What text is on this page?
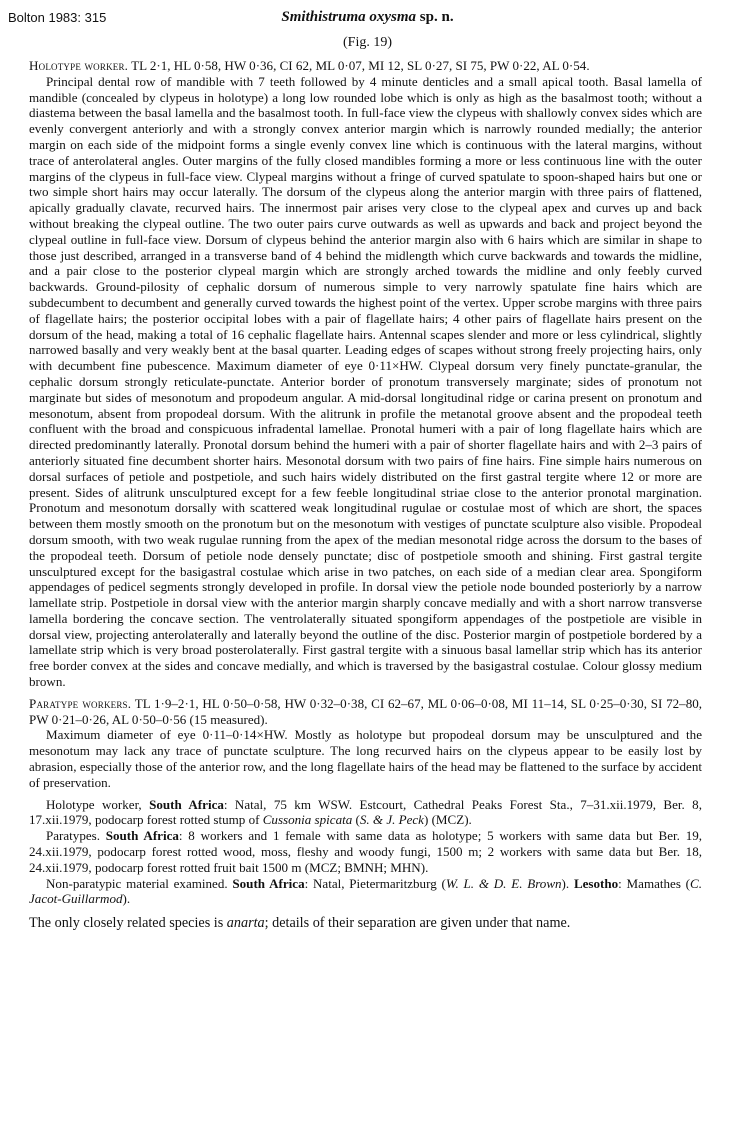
Bolton 1983: 315	Smithistruma oxysma sp. n.
(Fig. 19)

Holotype worker. TL 2·1, HL 0·58, HW 0·36, CI 62, ML 0·07, MI 12, SL 0·27, SI 75, PW 0·22, AL 0·54.

Principal dental row of mandible with 7 teeth followed by 4 minute denticles and a small apical tooth. Basal lamella of mandible (concealed by clypeus in holotype) a long low rounded lobe which is only as high as the basalmost tooth; without a diastema between the basal lamella and the basalmost tooth. In full-face view the clypeus with shallowly convex sides which are evenly convergent anteriorly and with a strongly convex anterior margin which is narrowly rounded medially; the anterior margin on each side of the midpoint forms a single evenly convex line which is continuous with the lateral margins, without trace of anterolateral angles. Outer margins of the fully closed mandibles forming a more or less continuous line with the outer margins of the clypeus in full-face view. Clypeal margins without a fringe of curved spatulate to spoon-shaped hairs but one or two simple short hairs may occur laterally. The dorsum of the clypeus along the anterior margin with three pairs of flattened, apically gradually clavate, recurved hairs. The innermost pair arises very close to the clypeal apex and curves up and back without breaking the clypeal outline. The two outer pairs curve outwards as well as upwards and back and project beyond the clypeal outline in full-face view. Dorsum of clypeus behind the anterior margin also with 6 hairs which are similar in shape to those just described, arranged in a transverse band of 4 behind the midlength which curve backwards and towards the midline, and a pair close to the posterior clypeal margin which are strongly arched towards the midline and only feebly curved backwards. Ground-pilosity of cephalic dorsum of numerous simple to very narrowly spatulate fine hairs which are subdecumbent to decumbent and generally curved towards the highest point of the vertex. Upper scrobe margins with three pairs of flagellate hairs; the posterior occipital lobes with a pair of flagellate hairs; 4 other pairs of flagellate hairs present on the dorsum of the head, making a total of 16 cephalic flagellate hairs. Antennal scapes slender and more or less cylindrical, slightly narrowed basally and very weakly bent at the basal quarter. Leading edges of scapes without strong freely projecting hairs, only with decumbent fine pubescence. Maximum diameter of eye 0·11×HW. Clypeal dorsum very finely punctate-granular, the cephalic dorsum strongly reticulate-punctate. Anterior border of pronotum transversely marginate; sides of pronotum not marginate but sides of mesonotum and propodeum angular. A mid-dorsal longitudinal ridge or carina present on pronotum and mesonotum, absent from propodeal dorsum. With the alitrunk in profile the metanotal groove absent and the propodeal teeth confluent with the broad and conspicuous infradental lamellae. Pronotal humeri with a pair of long flagellate hairs which are directed predominantly laterally. Pronotal dorsum behind the humeri with a pair of shorter flagellate hairs and with 2–3 pairs of anteriorly situated fine decumbent shorter hairs. Mesonotal dorsum with two pairs of fine hairs. Fine simple hairs numerous on dorsal surfaces of petiole and postpetiole, and such hairs widely distributed on the first gastral tergite where 12 or more are present. Sides of alitrunk unsculptured except for a few feeble longitudinal striae close to the anterior pronotal margination. Pronotum and mesonotum dorsally with scattered weak longitudinal rugulae or costulae most of which are short, the spaces between them mostly smooth on the pronotum but on the mesonotum with vestiges of punctate sculpture also visible. Propodeal dorsum smooth, with two weak rugulae running from the apex of the median mesonotal ridge across the dorsum to the bases of the propodeal teeth. Dorsum of petiole node densely punctate; disc of postpetiole smooth and shining. First gastral tergite unsculptured except for the basigastral costulae which arise in two patches, on each side of a median clear area. Spongiform appendages of pedicel segments strongly developed in profile. In dorsal view the petiole node bounded posteriorly by a narrow lamellate strip. Postpetiole in dorsal view with the anterior margin sharply concave medially and with a short narrow transverse lamella bordering the concave section. The ventrolaterally situated spongiform appendages of the postpetiole are visible in dorsal view, projecting anterolaterally and laterally beyond the outline of the disc. Posterior margin of postpetiole bordered by a lamellate strip which is very broad posterolaterally. First gastral tergite with a sinuous basal lamellar strip which has its anterior free border convex at the sides and concave medially, and which is traversed by the basigastral costulae. Colour glossy medium brown.

Paratype workers. TL 1·9–2·1, HL 0·50–0·58, HW 0·32–0·38, CI 62–67, ML 0·06–0·08, MI 11–14, SL 0·25–0·30, SI 72–80, PW 0·21–0·26, AL 0·50–0·56 (15 measured).

Maximum diameter of eye 0·11–0·14×HW. Mostly as holotype but propodeal dorsum may be unsculptured and the mesonotum may lack any trace of punctate sculpture. The long recurved hairs on the clypeus appear to be easily lost by abrasion, especially those of the anterior row, and the long flagellate hairs of the head may be flattened to the surface by accident of preservation.

Holotype worker, South Africa: Natal, 75 km WSW. Estcourt, Cathedral Peaks Forest Sta., 7–31.xii.1979, Ber. 8, 17.xii.1979, podocarp forest rotted stump of Cussonia spicata (S. & J. Peck) (MCZ).

Paratypes. South Africa: 8 workers and 1 female with same data as holotype; 5 workers with same data but Ber. 19, 24.xii.1979, podocarp forest rotted wood, moss, fleshy and woody fungi, 1500 m; 2 workers with same data but Ber. 18, 24.xii.1979, podocarp forest rotted fruit bait 1500 m (MCZ; BMNH; MHN).

Non-paratypic material examined. South Africa: Natal, Pietermaritzburg (W. L. & D. E. Brown). Lesotho: Mamathes (C. Jacot-Guillarmod).

The only closely related species is anarta; details of their separation are given under that name.
